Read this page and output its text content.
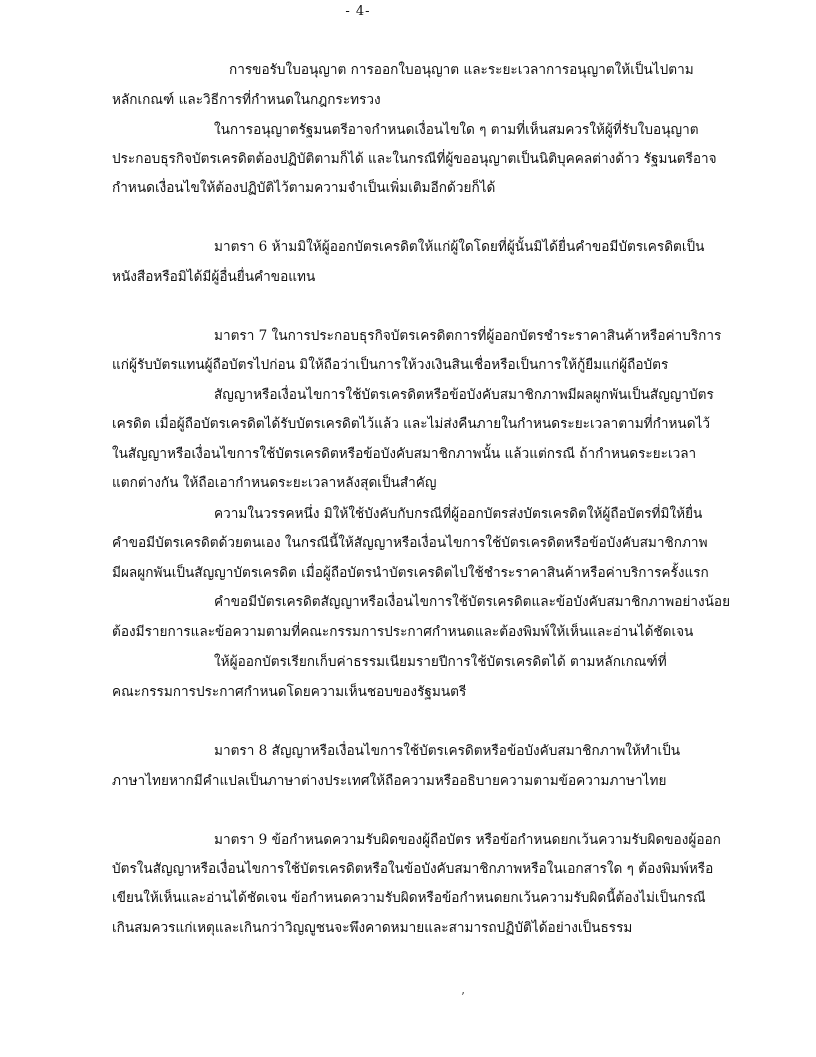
- 4-
การขอรับใบอนุญาต การออกใบอนุญาต และระยะเวลาการอนุญาตให้เป็นไปตาม
หลักเกณฑ์ และวิธีการที่กำหนดในกฎกระทรวง
ในการอนุญาตรัฐมนตรีอาจกำหนดเงื่อนไขใด ๆ ตามที่เห็นสมควรให้ผู้ที่รับใบอนุญาต
ประกอบธุรกิจบัตรเครดิตต้องปฏิบัติตามก็ได้ และในกรณีที่ผู้ขออนุญาตเป็นนิติบุคคลต่างด้าว รัฐมนตรีอาจ
กำหนดเงื่อนไขให้ต้องปฏิบัติไว้ตามความจำเป็นเพิ่มเติมอีกด้วยก็ได้
มาตรา 6 ห้ามมิให้ผู้ออกบัตรเครดิตให้แก่ผู้ใดโดยที่ผู้นั้นมิได้ยื่นคำขอมีบัตรเครดิตเป็น
หนังสือหรือมิได้มีผู้อื่นยื่นคำขอแทน
มาตรา 7 ในการประกอบธุรกิจบัตรเครดิตการที่ผู้ออกบัตรชำระราคาสินค้าหรือค่าบริการ
แก่ผู้รับบัตรแทนผู้ถือบัตรไปก่อน มิให้ถือว่าเป็นการให้วงเงินสินเชื่อหรือเป็นการให้กู้ยืมแก่ผู้ถือบัตร
สัญญาหรือเงื่อนไขการใช้บัตรเครดิตหรือข้อบังคับสมาชิกภาพมีผลผูกพันเป็นสัญญาบัตร
เครดิต เมื่อผู้ถือบัตรเครดิตได้รับบัตรเครดิตไว้แล้ว และไม่ส่งคืนภายในกำหนดระยะเวลาตามที่กำหนดไว้
ในสัญญาหรือเงื่อนไขการใช้บัตรเครดิตหรือข้อบังคับสมาชิกภาพนั้น แล้วแต่กรณี ถ้ากำหนดระยะเวลา
แตกต่างกัน ให้ถือเอากำหนดระยะเวลาหลังสุดเป็นสำคัญ
ความในวรรคหนึ่ง มิให้ใช้บังคับกับกรณีที่ผู้ออกบัตรส่งบัตรเครดิตให้ผู้ถือบัตรที่มิให้ยื่น
คำขอมีบัตรเครดิตด้วยตนเอง ในกรณีนี้ให้สัญญาหรือเงื่อนไขการใช้บัตรเครดิตหรือข้อบังคับสมาชิกภาพ
มีผลผูกพันเป็นสัญญาบัตรเครดิต เมื่อผู้ถือบัตรนำบัตรเครดิตไปใช้ชำระราคาสินค้าหรือค่าบริการครั้งแรก
คำขอมีบัตรเครดิตสัญญาหรือเงื่อนไขการใช้บัตรเครดิตและข้อบังคับสมาชิกภาพอย่างน้อย
ต้องมีรายการและข้อความตามที่คณะกรรมการประกาศกำหนดและต้องพิมพ์ให้เห็นและอ่านได้ชัดเจน
ให้ผู้ออกบัตรเรียกเก็บค่าธรรมเนียมรายปีการใช้บัตรเครดิตได้ ตามหลักเกณฑ์ที่
คณะกรรมการประกาศกำหนดโดยความเห็นชอบของรัฐมนตรี
มาตรา 8 สัญญาหรือเงื่อนไขการใช้บัตรเครดิตหรือข้อบังคับสมาชิกภาพให้ทำเป็น
ภาษาไทยหากมีคำแปลเป็นภาษาต่างประเทศให้ถือความหรืออธิบายความตามข้อความภาษาไทย
มาตรา 9 ข้อกำหนดความรับผิดของผู้ถือบัตร หรือข้อกำหนดยกเว้นความรับผิดของผู้ออก
บัตรในสัญญาหรือเงื่อนไขการใช้บัตรเครดิตหรือในข้อบังคับสมาชิกภาพหรือในเอกสารใด ๆ ต้องพิมพ์หรือ
เขียนให้เห็นและอ่านได้ชัดเจน ข้อกำหนดความรับผิดหรือข้อกำหนดยกเว้นความรับผิดนี้ต้องไม่เป็นกรณี
เกินสมควรแก่เหตุและเกินกว่าวิญญูชนจะพึงคาดหมายและสามารถปฏิบัติได้อย่างเป็นธรรม
’
